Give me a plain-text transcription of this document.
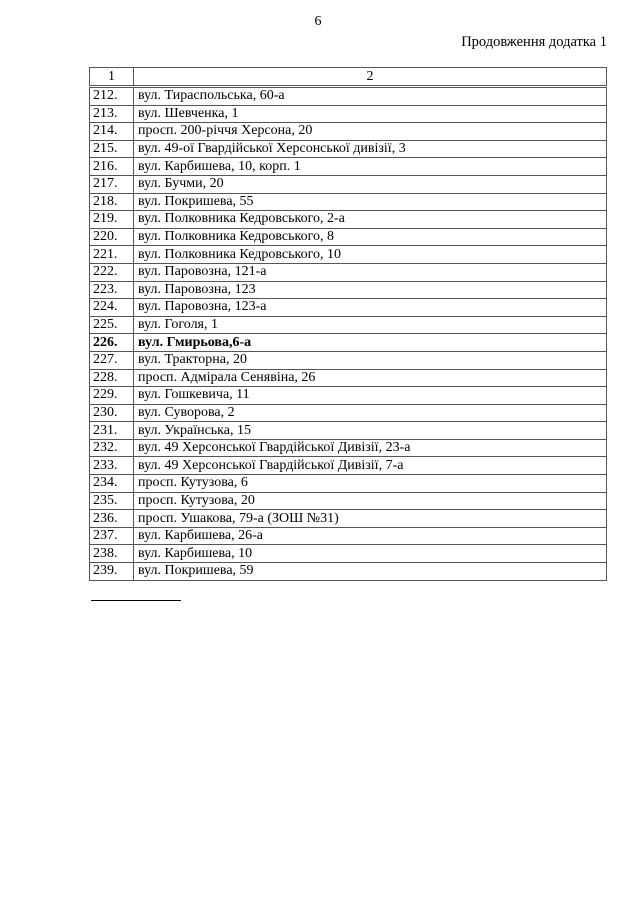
6
Продовження додатка 1
1	2
212.	вул. Тираспольська, 60-а
213.	вул. Шевченка, 1
214.	просп. 200-річчя Херсона, 20
215.	вул. 49-ої Гвардійської Херсонської дивізії, 3
216.	вул. Карбишева, 10, корп. 1
217.	вул. Бучми, 20
218.	вул. Покришева, 55
219.	вул. Полковника Кедровського, 2-а
220.	вул. Полковника Кедровського, 8
221.	вул. Полковника Кедровського, 10
222.	вул. Паровозна, 121-а
223.	вул. Паровозна, 123
224.	вул. Паровозна, 123-а
225.	вул. Гоголя, 1
226.	вул. Гмирьова,6-а
227.	вул. Тракторна, 20
228.	просп. Адмірала Сенявіна, 26
229.	вул. Гошкевича, 11
230.	вул. Суворова, 2
231.	вул. Українська, 15
232.	вул. 49 Херсонської Гвардійської Дивізії, 23-а
233.	вул. 49 Херсонської Гвардійської Дивізії, 7-а
234.	просп. Кутузова, 6
235.	просп. Кутузова, 20
236.	просп. Ушакова, 79-а (ЗОШ №31)
237.	вул. Карбишева, 26-а
238.	вул. Карбишева, 10
239.	вул. Покришева, 59
